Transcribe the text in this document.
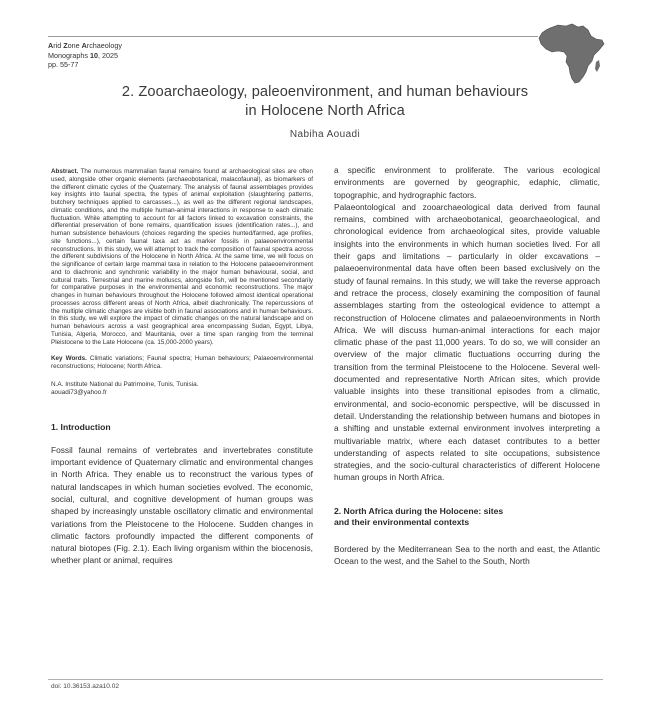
Arid Zone Archaeology
Monographs 10, 2025
pp. 55-77
2. Zooarchaeology, paleoenvironment, and human behaviours
in Holocene North Africa
Nabiha Aouadi

Abstract. The numerous mammalian faunal remains found at archaeological sites are often used, alongside other organic elements (archaeobotanical, malacofaunal), as biomarkers of the different climatic cycles of the Quaternary. The analysis of faunal assemblages provides key insights into faunal spectra, the types of animal exploitation (slaughtering patterns, butchery techniques applied to carcasses...), as well as the different regional landscapes, climatic conditions, and the multiple human-animal interactions in response to each climatic fluctuation. While attempting to account for all factors linked to excavation constraints, the differential preservation of bone remains, quantification issues (identification rates...), and human subsistence behaviours (choices regarding the species hunted/farmed, age profiles, site functions...), certain faunal taxa act as marker fossils in palaeoenvironmental reconstructions. In this study, we will attempt to track the composition of faunal spectra across the different subdivisions of the Holocene in North Africa. At the same time, we will focus on the significance of certain large mammal taxa in relation to the Holocene palaeoenvironment and to diachronic and synchronic variability in the major human behavioural, social, and cultural traits. Terrestrial and marine molluscs, alongside fish, will be mentioned secondarily for comparative purposes in the environmental and economic reconstructions. The major changes in human behaviours throughout the Holocene followed almost identical operational processes across different areas of North Africa, albeit diachronically. The repercussions of the multiple climatic changes are visible both in faunal associations and in human behaviours. In this study, we will explore the impact of climatic changes on the natural landscape and on human behaviours across a vast geographical area encompassing Sudan, Egypt, Libya, Tunisia, Algeria, Morocco, and Mauritania, over a time span ranging from the terminal Pleistocene to the Late Holocene (ca. 15,000-2000 years).

Key Words. Climatic variations; Faunal spectra; Human behaviours; Palaeoenvironmental reconstructions; Holocene; North Africa.

N.A. Institute National du Patrimoine, Tunis, Tunisia.
aouadi73@yahoo.fr

1. Introduction

Fossil faunal remains of vertebrates and invertebrates constitute important evidence of Quaternary climatic and environmental changes in North Africa. They enable us to reconstruct the various types of natural landscapes in which human societies evolved. The economic, social, cultural, and cognitive development of human groups was shaped by increasingly unstable oscillatory climatic and environmental variations from the Pleistocene to the Holocene. Sudden changes in climatic factors profoundly impacted the different components of natural biotopes (Fig. 2.1). Each living organism within the biocenosis, whether plant or animal, requires

a specific environment to proliferate. The various ecological environments are governed by geographic, edaphic, climatic, topographic, and hydrographic factors.

Palaeontological and zooarchaeological data derived from faunal remains, combined with archaeobotanical, geoarchaeological, and chronological evidence from archaeological sites, provide valuable insights into the environments in which human societies lived. For all their gaps and limitations – particularly in older excavations – palaeoenvironmental data have often been based exclusively on the study of faunal remains. In this study, we will take the reverse approach and retrace the process, closely examining the composition of faunal assemblages starting from the osteological evidence to attempt a reconstruction of Holocene climates and palaeoenvironments in North Africa. We will discuss human-animal interactions for each major climatic phase of the past 11,000 years. To do so, we will consider an overview of the major climatic fluctuations occurring during the transition from the terminal Pleistocene to the Holocene. Several well-documented and representative North African sites, which provide valuable insights into these transitional episodes from a climatic, environmental, and socio-economic perspective, will be discussed in detail. Understanding the relationship between humans and biotopes in a shifting and unstable external environment involves interpreting a multivariable matrix, where each dataset contributes to a better understanding of aspects related to site occupations, subsistence strategies, and the socio-cultural characteristics of different Holocene human groups in North Africa.

2. North Africa during the Holocene: sites
and their environmental contexts

Bordered by the Mediterranean Sea to the north and east, the Atlantic Ocean to the west, and the Sahel to the South, North

doi: 10.36153.aza10.02
